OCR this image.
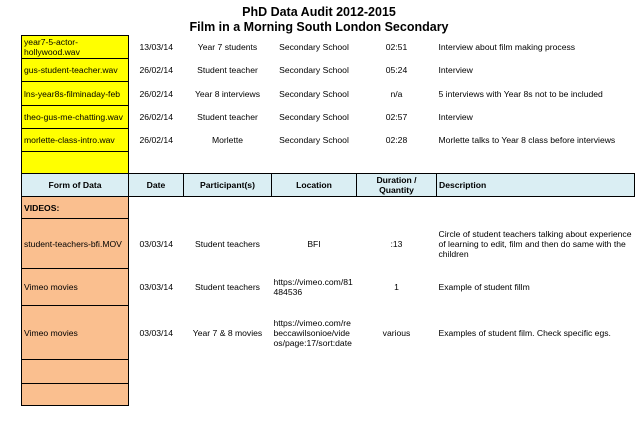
PhD Data Audit 2012-2015
Film in a Morning South London Secondary
year7-5-actor-hollywood.wav	13/03/14	Year 7 students	Secondary School	02:51	Interview about film making process
gus-student-teacher.wav	26/02/14	Student teacher	Secondary School	05:24	Interview
lns-year8s-filminaday-feb	26/02/14	Year 8 interviews	Secondary School	n/a	5 interviews with Year 8s not to be included
theo-gus-me-chatting.wav	26/02/14	Student teacher	Secondary School	02:57	Interview
morlette-class-intro.wav	26/02/14	Morlette	Secondary School	02:28	Morlette talks to Year 8 class before interviews

Form of Data	Date	Participant(s)	Location	Duration / Quantity	Description
VIDEOS:					
student-teachers-bfi.MOV	03/03/14	Student teachers	BFI	:13	Circle of student teachers talking about experience of learning to edit, film and then do same with the children
Vimeo movies	03/03/14	Student teachers	https://vimeo.com/81484536	1	Example of student fillm
Vimeo movies	03/03/14	Year 7 & 8 movies	https://vimeo.com/rebeccawilsonioe/videos/page:17/sort:date	various	Examples of student film. Check specific egs.
